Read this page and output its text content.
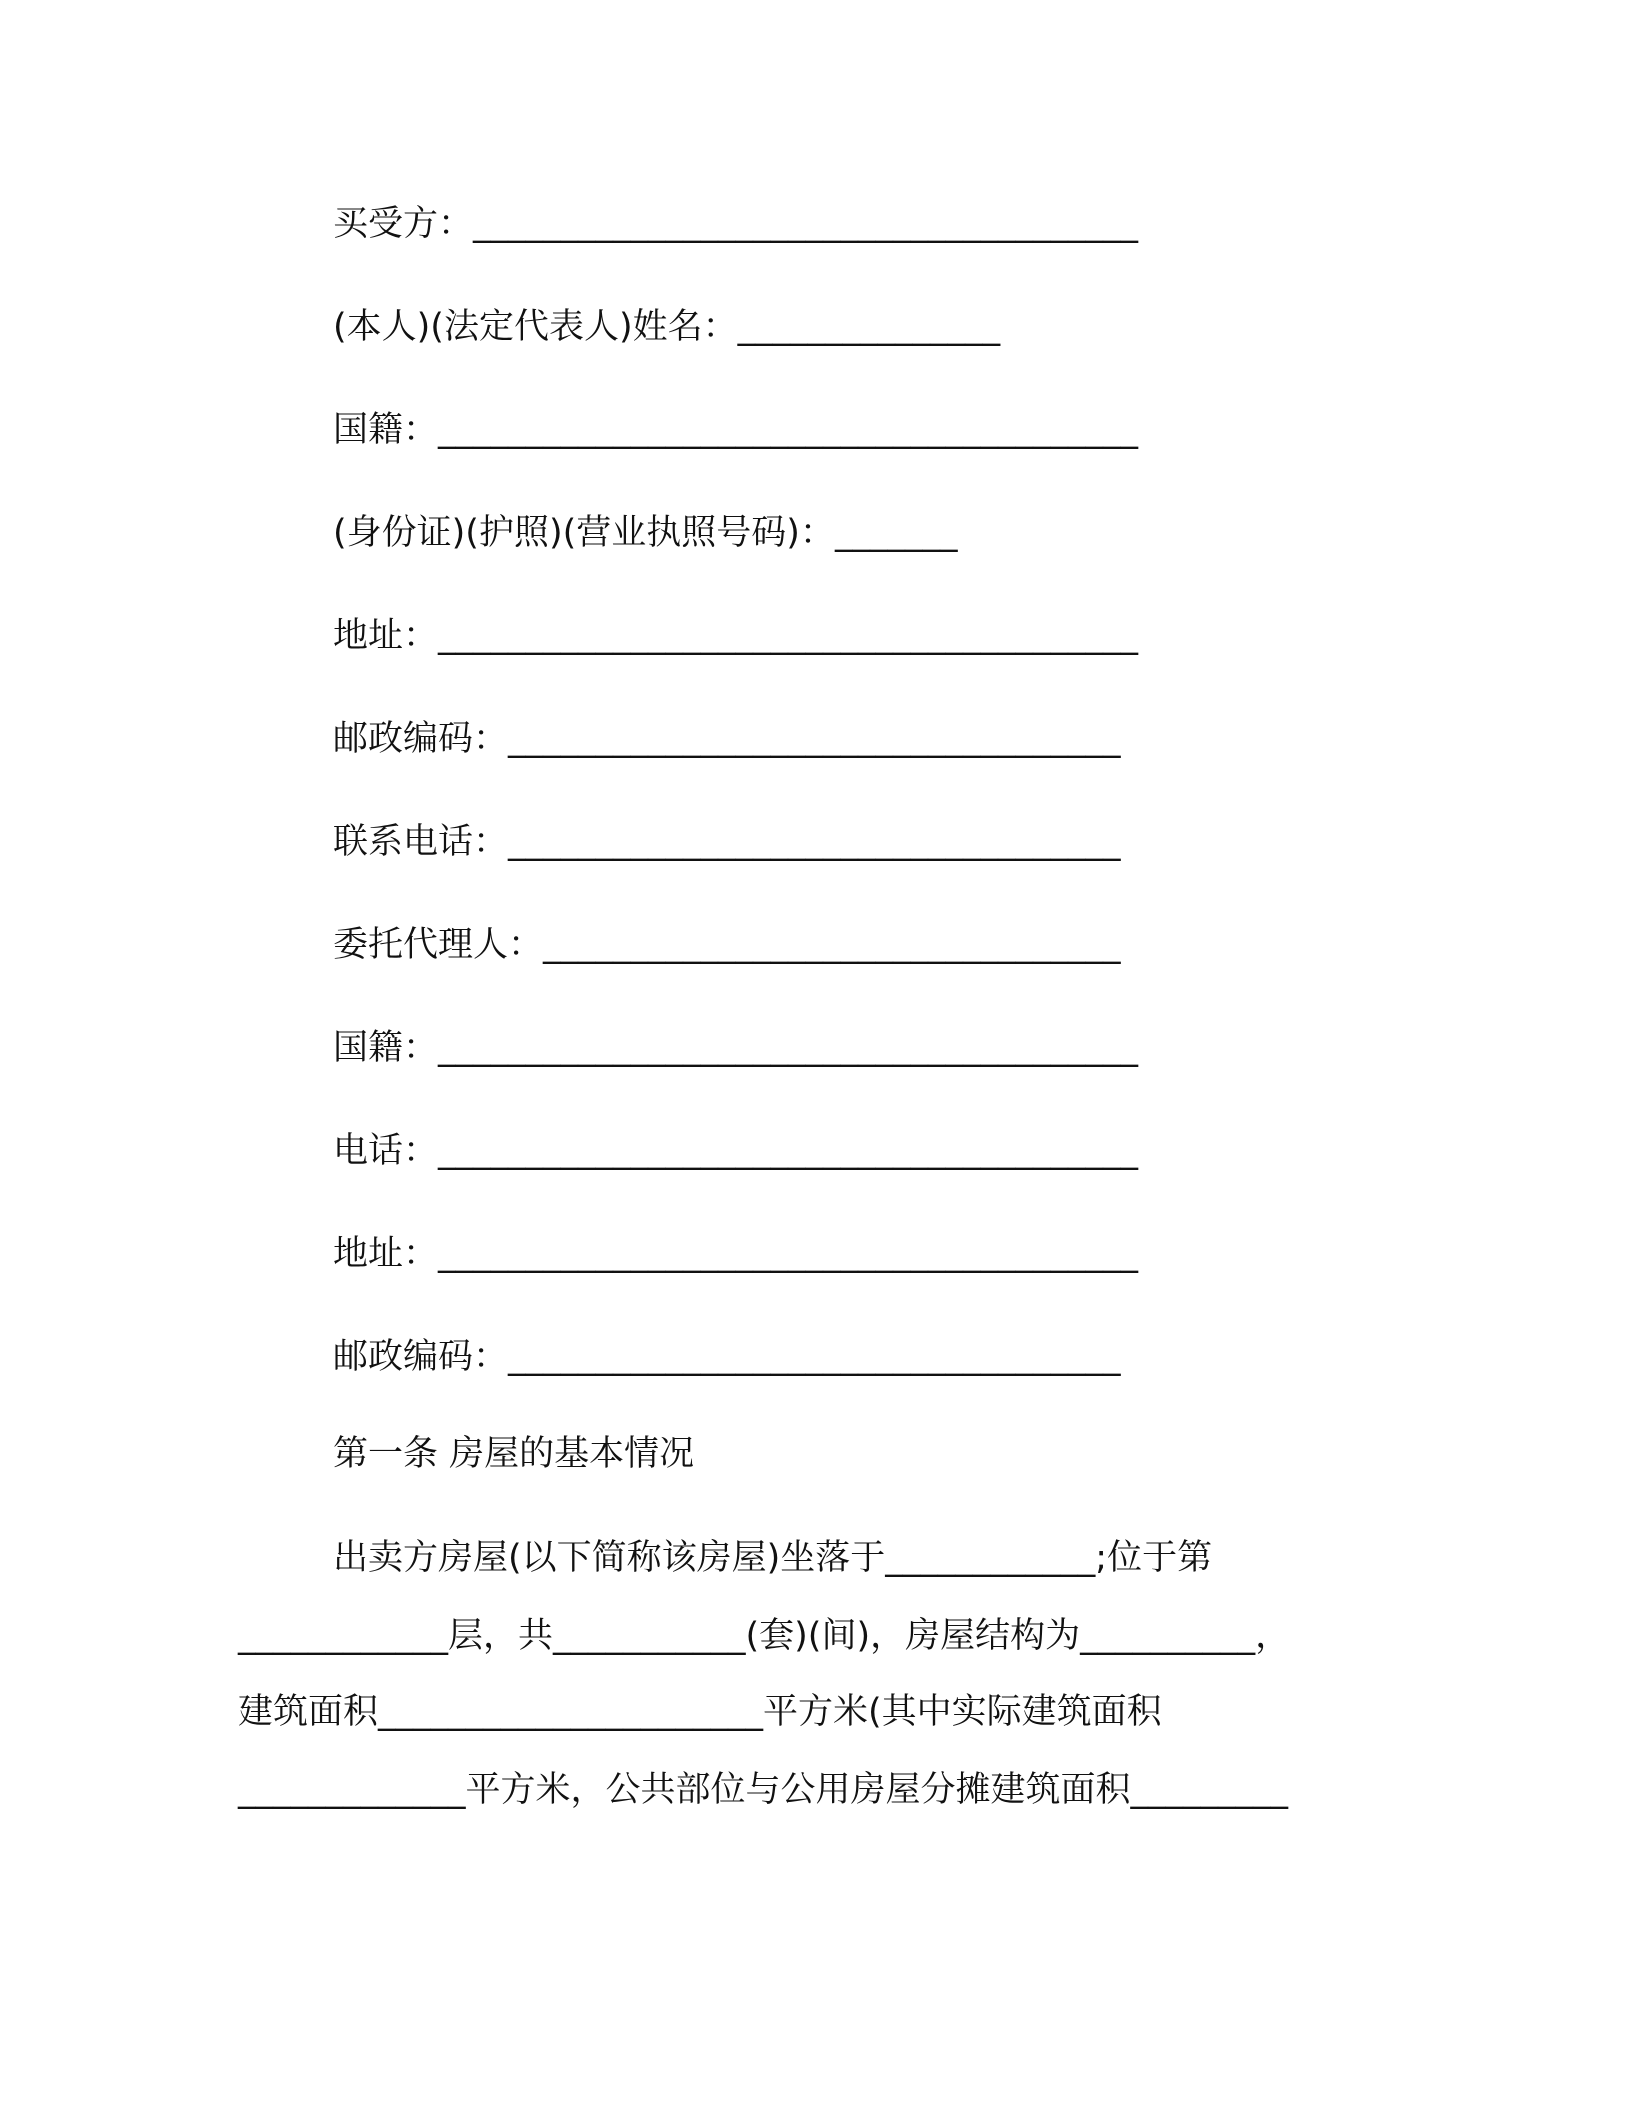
买受方：______________________________________
(本人)(法定代表人)姓名：_______________
国籍：________________________________________
(身份证)(护照)(营业执照号码)：_______
地址：________________________________________
邮政编码：___________________________________
联系电话：___________________________________
委托代理人：_________________________________
国籍：________________________________________
电话：________________________________________
地址：________________________________________
邮政编码：___________________________________
第一条 房屋的基本情况
出卖方房屋(以下简称该房屋)坐落于____________;位于第
____________层，共___________(套)(间)，房屋结构为__________，
建筑面积______________________平方米(其中实际建筑面积
_____________平方米，公共部位与公用房屋分摊建筑面积_________
